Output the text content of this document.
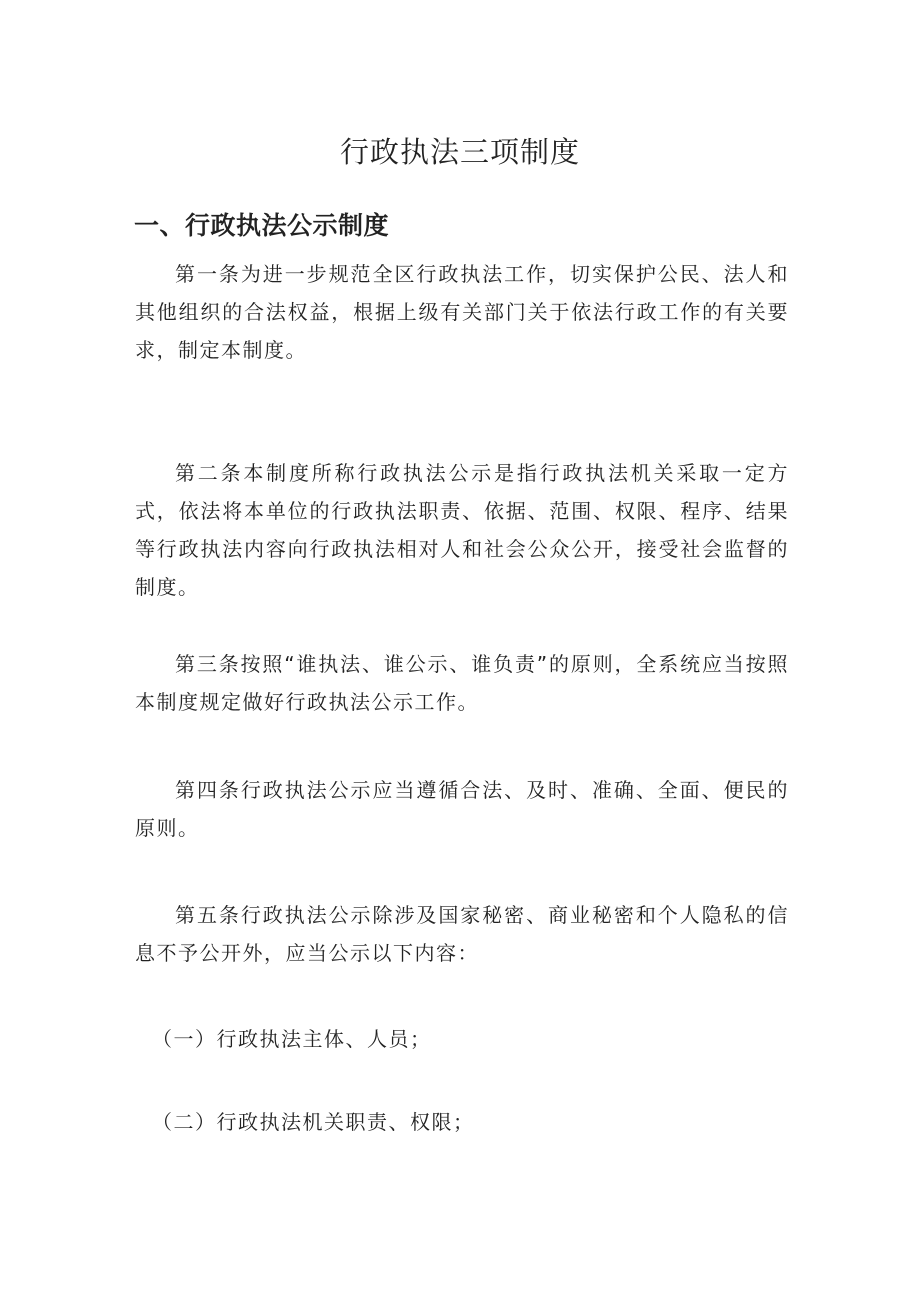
行政执法三项制度
一、行政执法公示制度

第一条为进一步规范全区行政执法工作，切实保护公民、法人和其他组织的合法权益，根据上级有关部门关于依法行政工作的有关要求，制定本制度。

第二条本制度所称行政执法公示是指行政执法机关采取一定方式，依法将本单位的行政执法职责、依据、范围、权限、程序、结果等行政执法内容向行政执法相对人和社会公众公开，接受社会监督的制度。

第三条按照“谁执法、谁公示、谁负责”的原则，全系统应当按照本制度规定做好行政执法公示工作。

第四条行政执法公示应当遵循合法、及时、准确、全面、便民的原则。

第五条行政执法公示除涉及国家秘密、商业秘密和个人隐私的信息不予公开外，应当公示以下内容：

（一）行政执法主体、人员；

（二）行政执法机关职责、权限；
